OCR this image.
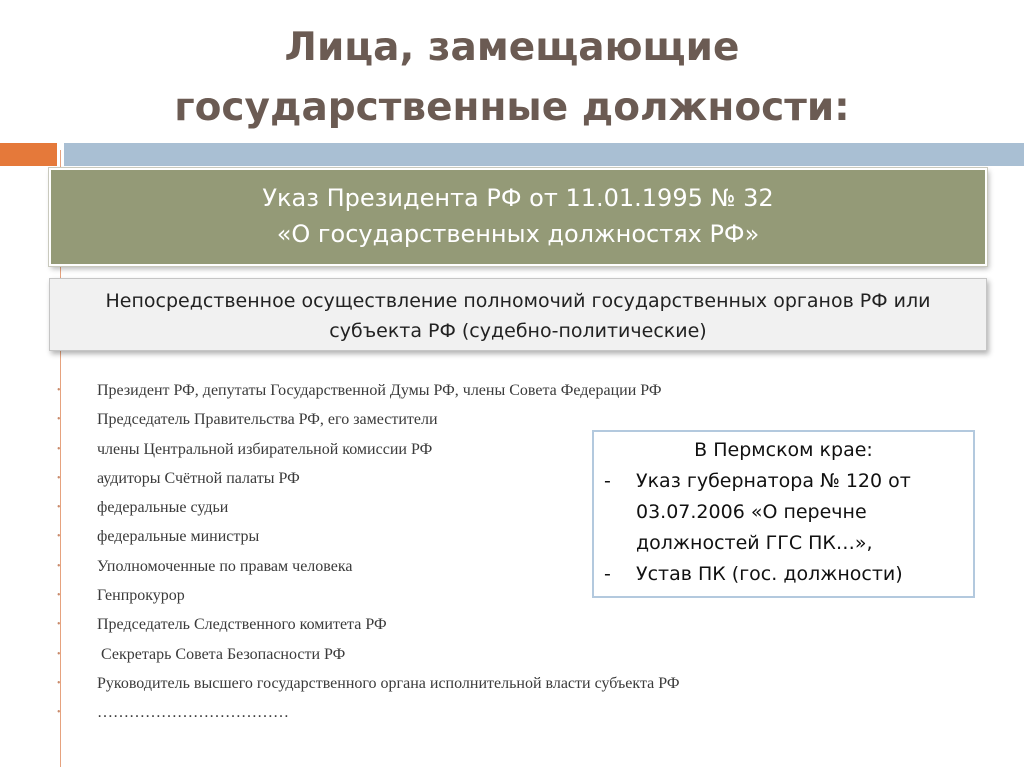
Лица, замещающие
государственные должности:
Указ Президента РФ от 11.01.1995 № 32
«О государственных должностях РФ»
Непосредственное осуществление полномочий государственных органов РФ или
субъекта РФ (судебно-политические)
• Президент РФ, депутаты Государственной Думы РФ, члены Совета Федерации РФ
• Председатель Правительства РФ, его заместители
• члены Центральной избирательной комиссии РФ
• аудиторы Счётной палаты РФ
• федеральные судьи
• федеральные министры
• Уполномоченные по правам человека
• Генпрокурор
• Председатель Следственного комитета РФ
• Секретарь Совета Безопасности РФ
• Руководитель высшего государственного органа исполнительной власти субъекта РФ
• ………………………………
В Пермском крае:
- Указ губернатора № 120 от
03.07.2006 «О перечне
должностей ГГС ПК…»,
- Устав ПК (гос. должности)
